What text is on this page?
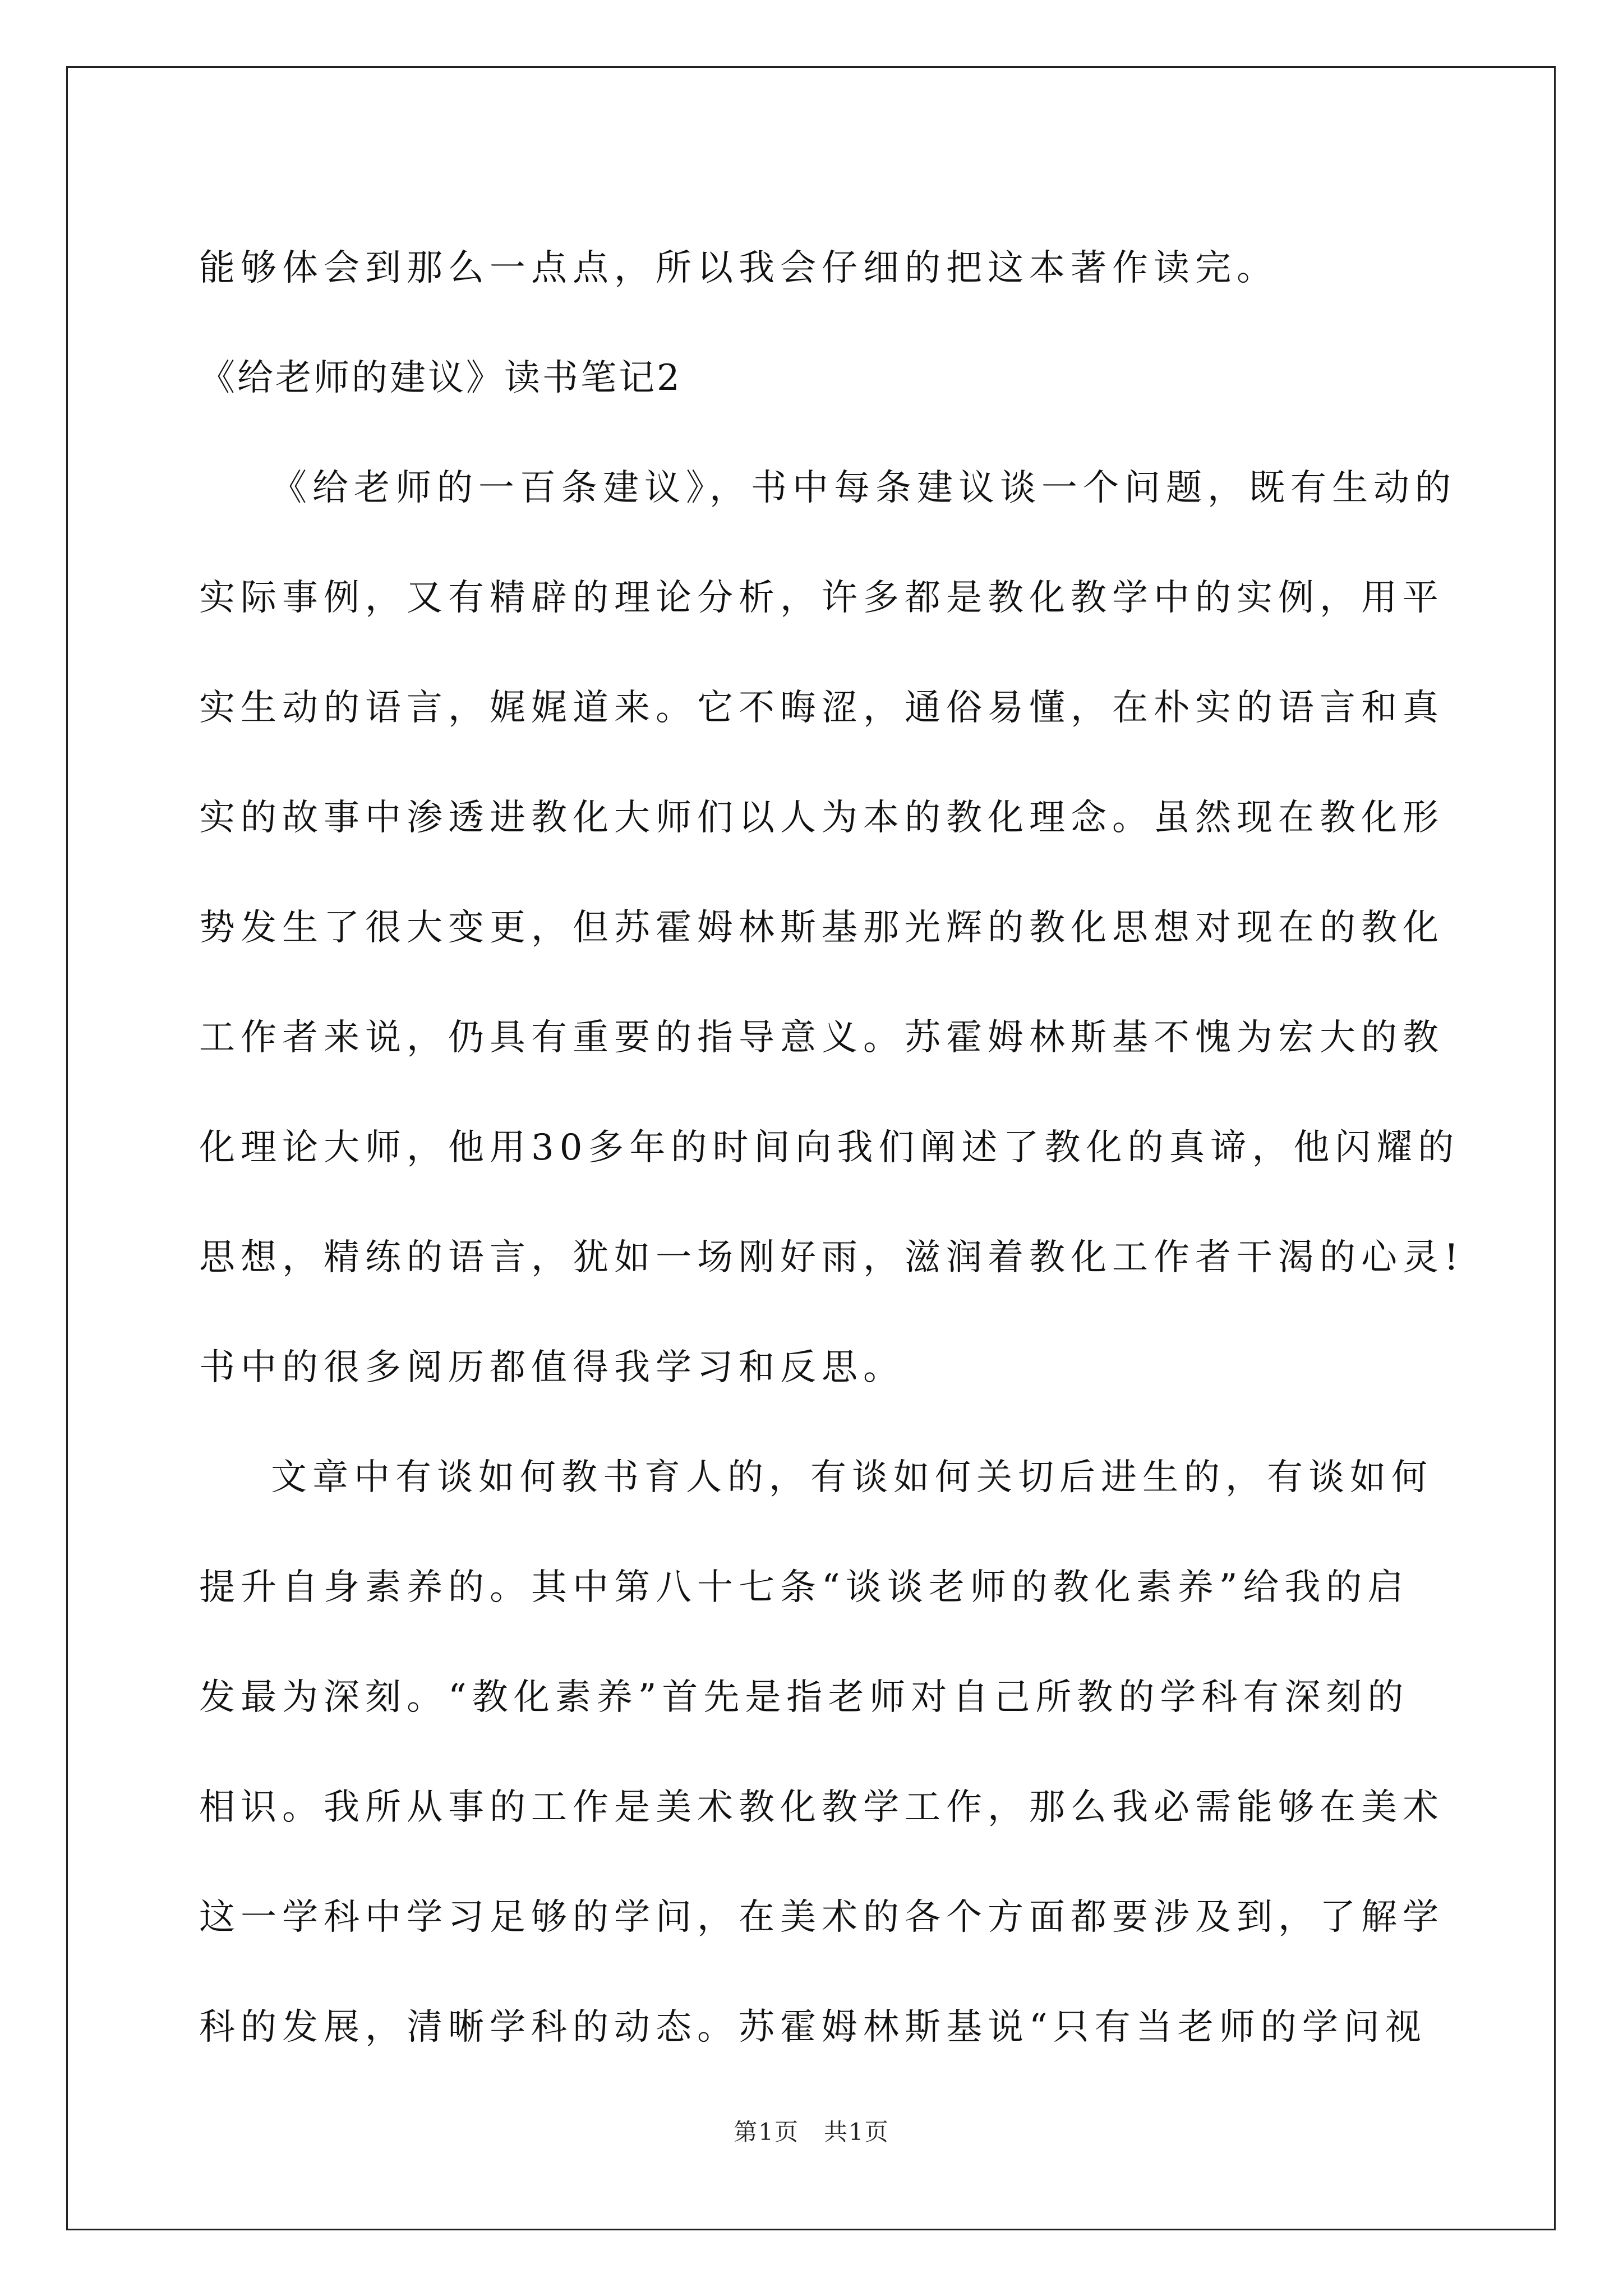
能够体会到那么一点点，所以我会仔细的把这本著作读完。
《给老师的建议》读书笔记2
《给老师的一百条建议》，书中每条建议谈一个问题，既有生动的
实际事例，又有精辟的理论分析，许多都是教化教学中的实例，用平
实生动的语言，娓娓道来。它不晦涩，通俗易懂，在朴实的语言和真
实的故事中渗透进教化大师们以人为本的教化理念。虽然现在教化形
势发生了很大变更，但苏霍姆林斯基那光辉的教化思想对现在的教化
工作者来说，仍具有重要的指导意义。苏霍姆林斯基不愧为宏大的教
化理论大师，他用30多年的时间向我们阐述了教化的真谛，他闪耀的
思想，精练的语言，犹如一场刚好雨，滋润着教化工作者干渴的心灵!
书中的很多阅历都值得我学习和反思。
文章中有谈如何教书育人的，有谈如何关切后进生的，有谈如何
提升自身素养的。其中第八十七条“谈谈老师的教化素养”给我的启
发最为深刻。“教化素养”首先是指老师对自己所教的学科有深刻的
相识。我所从事的工作是美术教化教学工作，那么我必需能够在美术
这一学科中学习足够的学问，在美术的各个方面都要涉及到，了解学
科的发展，清晰学科的动态。苏霍姆林斯基说“只有当老师的学问视
第1页　共1页
